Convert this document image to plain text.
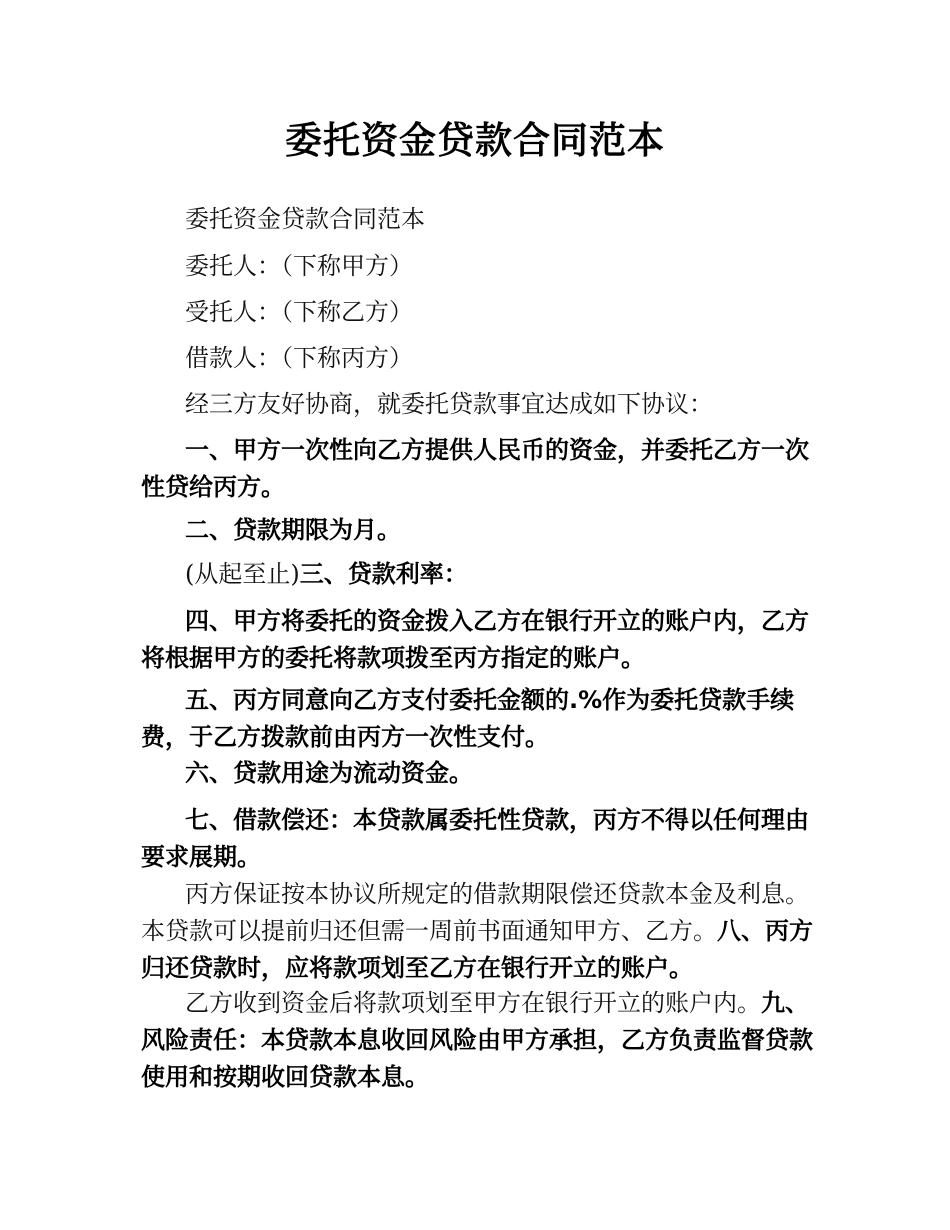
委托资金贷款合同范本

委托资金贷款合同范本

委托人：（下称甲方）

受托人：（下称乙方）

借款人：（下称丙方）

经三方友好协商，就委托贷款事宜达成如下协议：

一、甲方一次性向乙方提供人民币的资金，并委托乙方一次性贷给丙方。

二、贷款期限为月。

(从起至止)三、贷款利率：

四、甲方将委托的资金拨入乙方在银行开立的账户内，乙方将根据甲方的委托将款项拨至丙方指定的账户。

五、丙方同意向乙方支付委托金额的.%作为委托贷款手续费，于乙方拨款前由丙方一次性支付。

六、贷款用途为流动资金。

七、借款偿还：本贷款属委托性贷款，丙方不得以任何理由要求展期。

丙方保证按本协议所规定的借款期限偿还贷款本金及利息。本贷款可以提前归还但需一周前书面通知甲方、乙方。八、丙方归还贷款时，应将款项划至乙方在银行开立的账户。

乙方收到资金后将款项划至甲方在银行开立的账户内。九、风险责任：本贷款本息收回风险由甲方承担，乙方负责监督贷款使用和按期收回贷款本息。
